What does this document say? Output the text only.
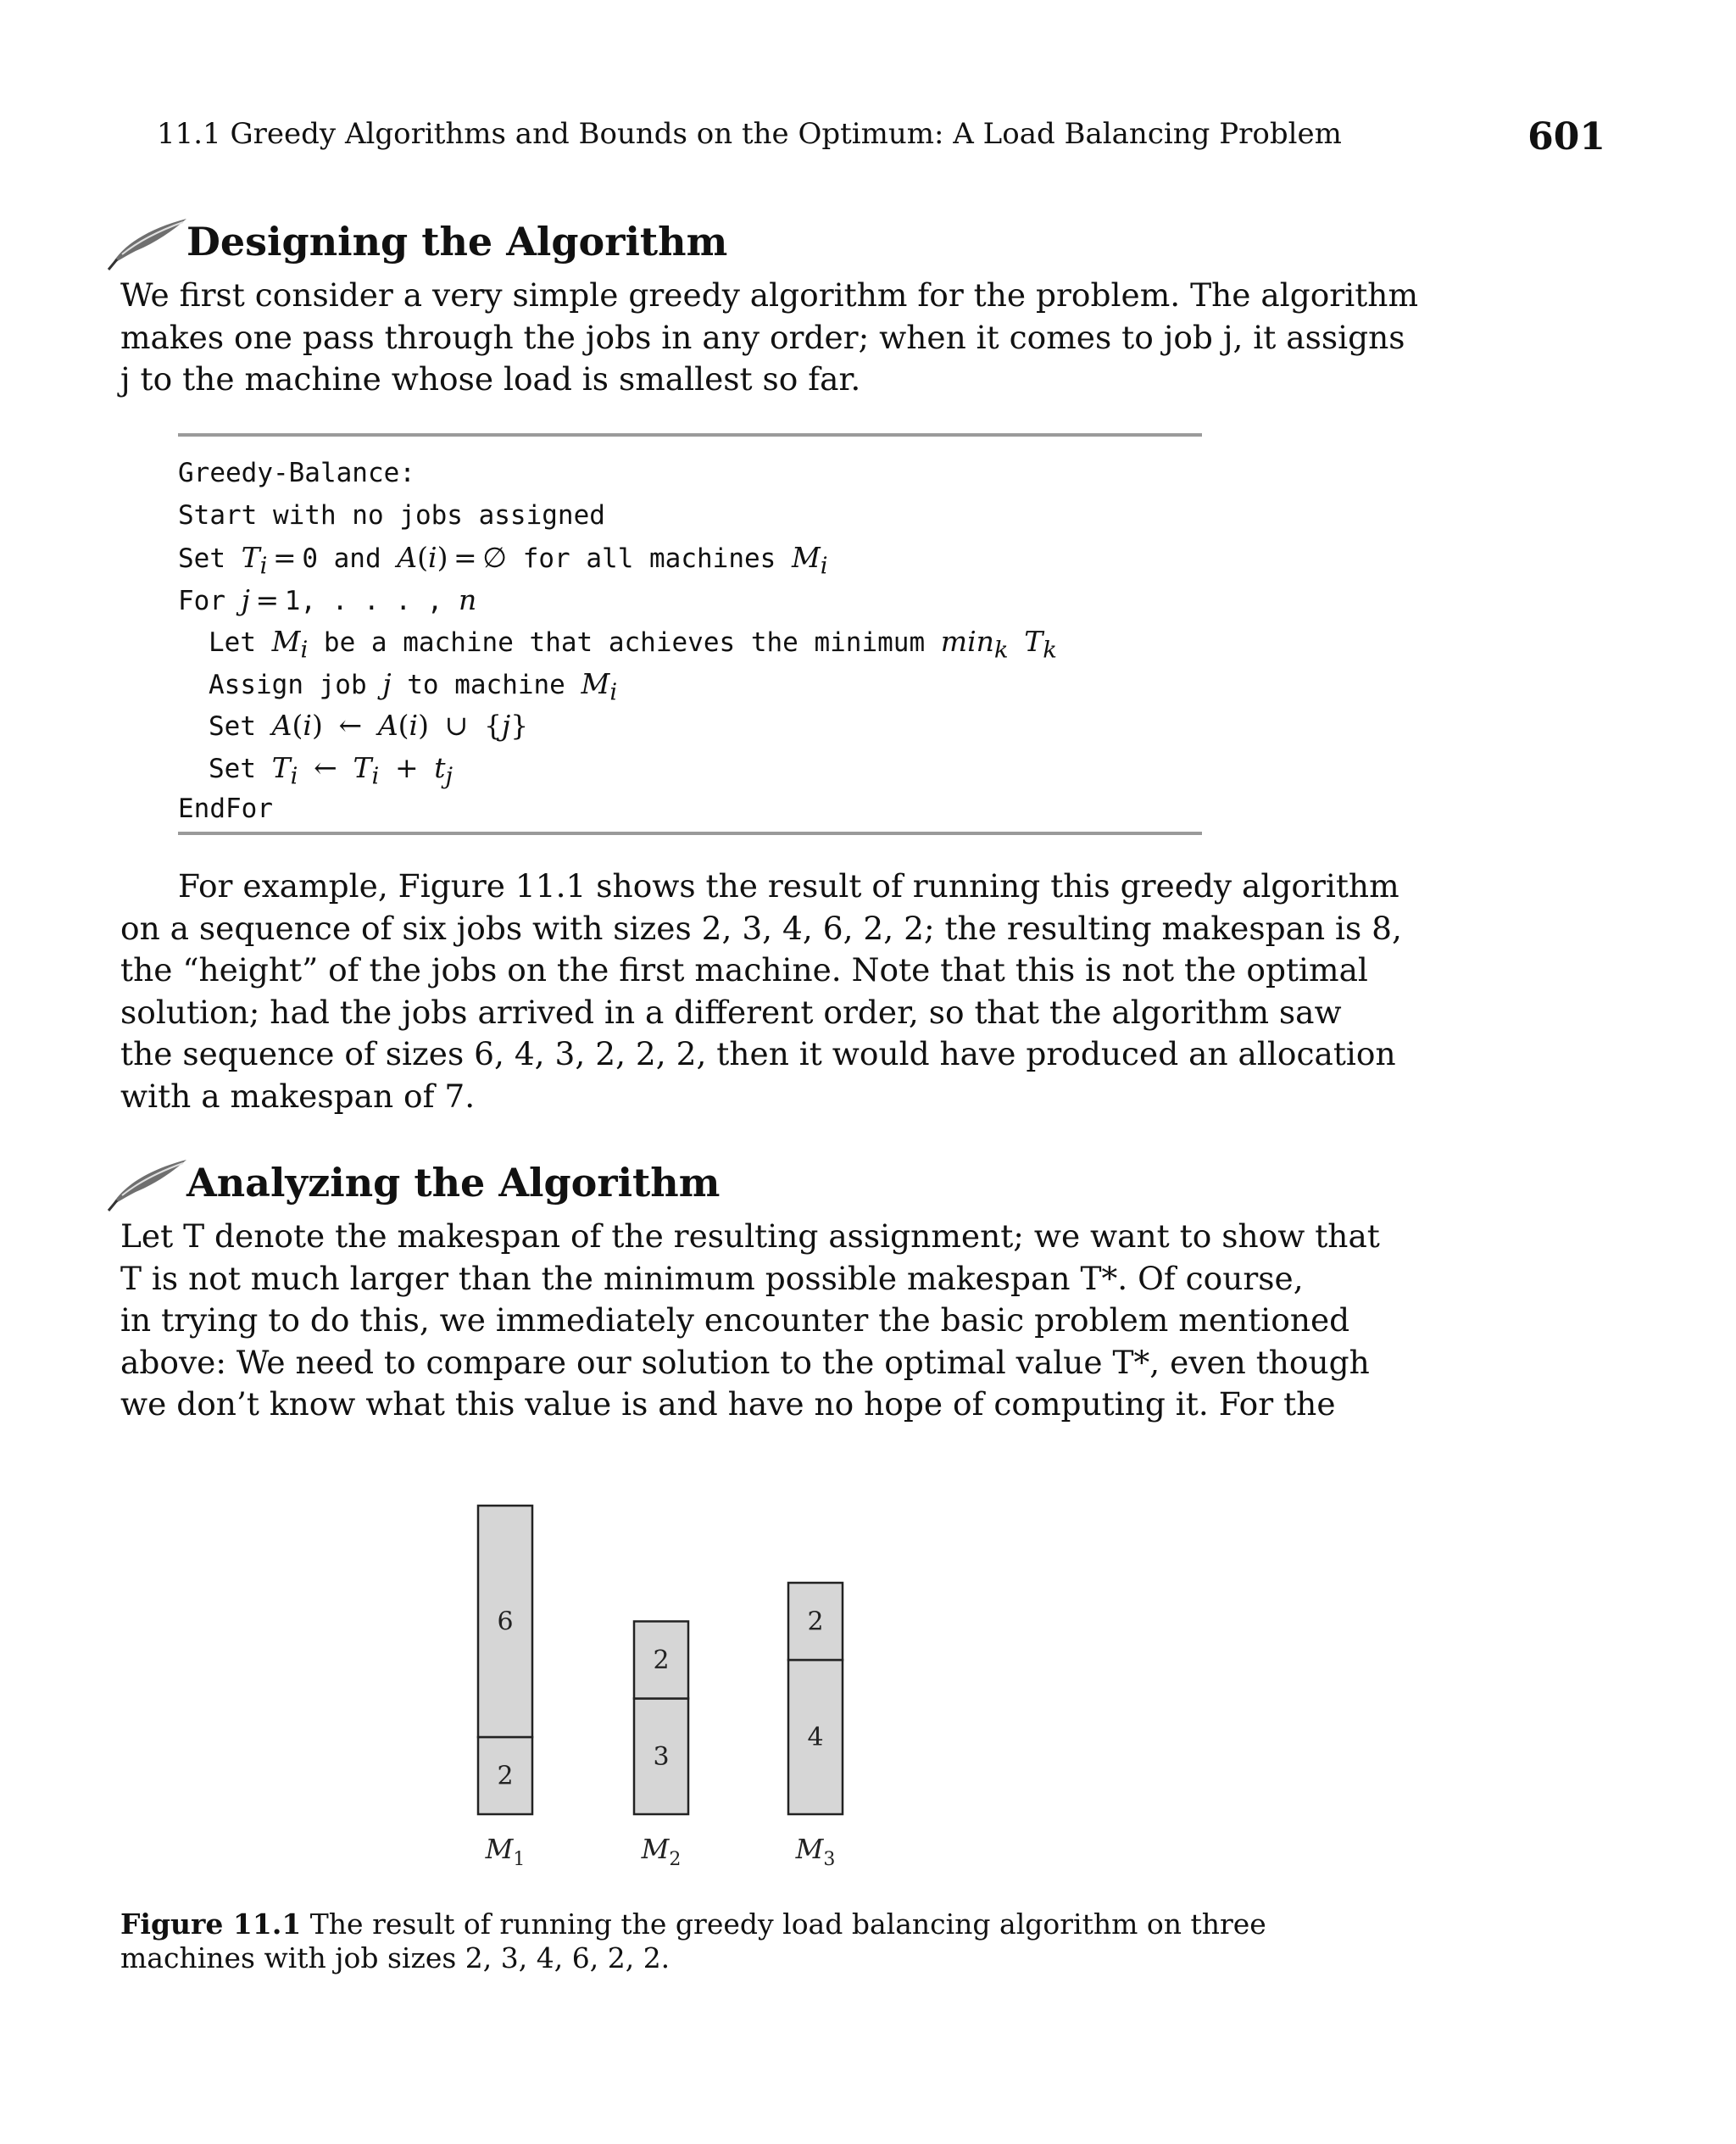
11.1 Greedy Algorithms and Bounds on the Optimum: A Load Balancing Problem	601
Designing the Algorithm

We first consider a very simple greedy algorithm for the problem. The algorithm
makes one pass through the jobs in any order; when it comes to job j, it assigns
j to the machine whose load is smallest so far.

Greedy-Balance:
Start with no jobs assigned
Set $T_i = 0$ and A(i) = ∅ for all machines $M_i$
For j = 1, . . . , n
Let $M_i$ be a machine that achieves the minimum $\min_k T_k$
Assign job j to machine $M_i$
Set A(i) ← A(i) ∪ {j}
Set $T_i$ ← $T_i + t_j$
EndFor

For example, Figure 11.1 shows the result of running this greedy algorithm
on a sequence of six jobs with sizes 2, 3, 4, 6, 2, 2; the resulting makespan is 8,
the “height” of the jobs on the first machine. Note that this is not the optimal
solution; had the jobs arrived in a different order, so that the algorithm saw
the sequence of sizes 6, 4, 3, 2, 2, 2, then it would have produced an allocation
with a makespan of 7.

Analyzing the Algorithm

Let T denote the makespan of the resulting assignment; we want to show that
T is not much larger than the minimum possible makespan T*. Of course,
in trying to do this, we immediately encounter the basic problem mentioned
above: We need to compare our solution to the optimal value T*, even though
we don’t know what this value is and have no hope of computing it. For the

2
6
$M_1$
3
2
$M_2$
4
2
$M_3$
Figure 11.1 The result of running the greedy load balancing algorithm on three
machines with job sizes 2, 3, 4, 6, 2, 2.
